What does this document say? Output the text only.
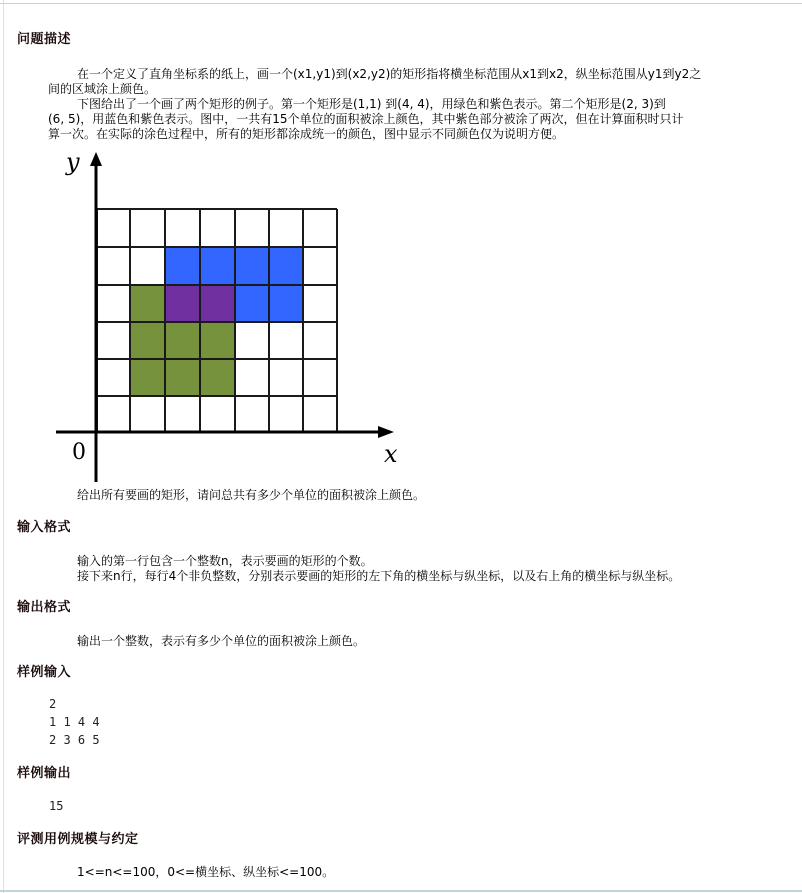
问题描述
在一个定义了直角坐标系的纸上，画一个(x1,y1)到(x2,y2)的矩形指将横坐标范围从x1到x2，纵坐标范围从y1到y2之
间的区域涂上颜色。
下图给出了一个画了两个矩形的例子。第一个矩形是(1,1) 到(4, 4)，用绿色和紫色表示。第二个矩形是(2, 3)到
(6, 5)，用蓝色和紫色表示。图中，一共有15个单位的面积被涂上颜色，其中紫色部分被涂了两次，但在计算面积时只计
算一次。在实际的涂色过程中，所有的矩形都涂成统一的颜色，图中显示不同颜色仅为说明方便。
y
x
0
给出所有要画的矩形，请问总共有多少个单位的面积被涂上颜色。
输入格式
输入的第一行包含一个整数n，表示要画的矩形的个数。
接下来n行，每行4个非负整数，分别表示要画的矩形的左下角的横坐标与纵坐标，以及右上角的横坐标与纵坐标。
输出格式
输出一个整数，表示有多少个单位的面积被涂上颜色。
样例输入
2
1 1 4 4
2 3 6 5
样例输出
15
评测用例规模与约定
1<=n<=100，0<=横坐标、纵坐标<=100。
